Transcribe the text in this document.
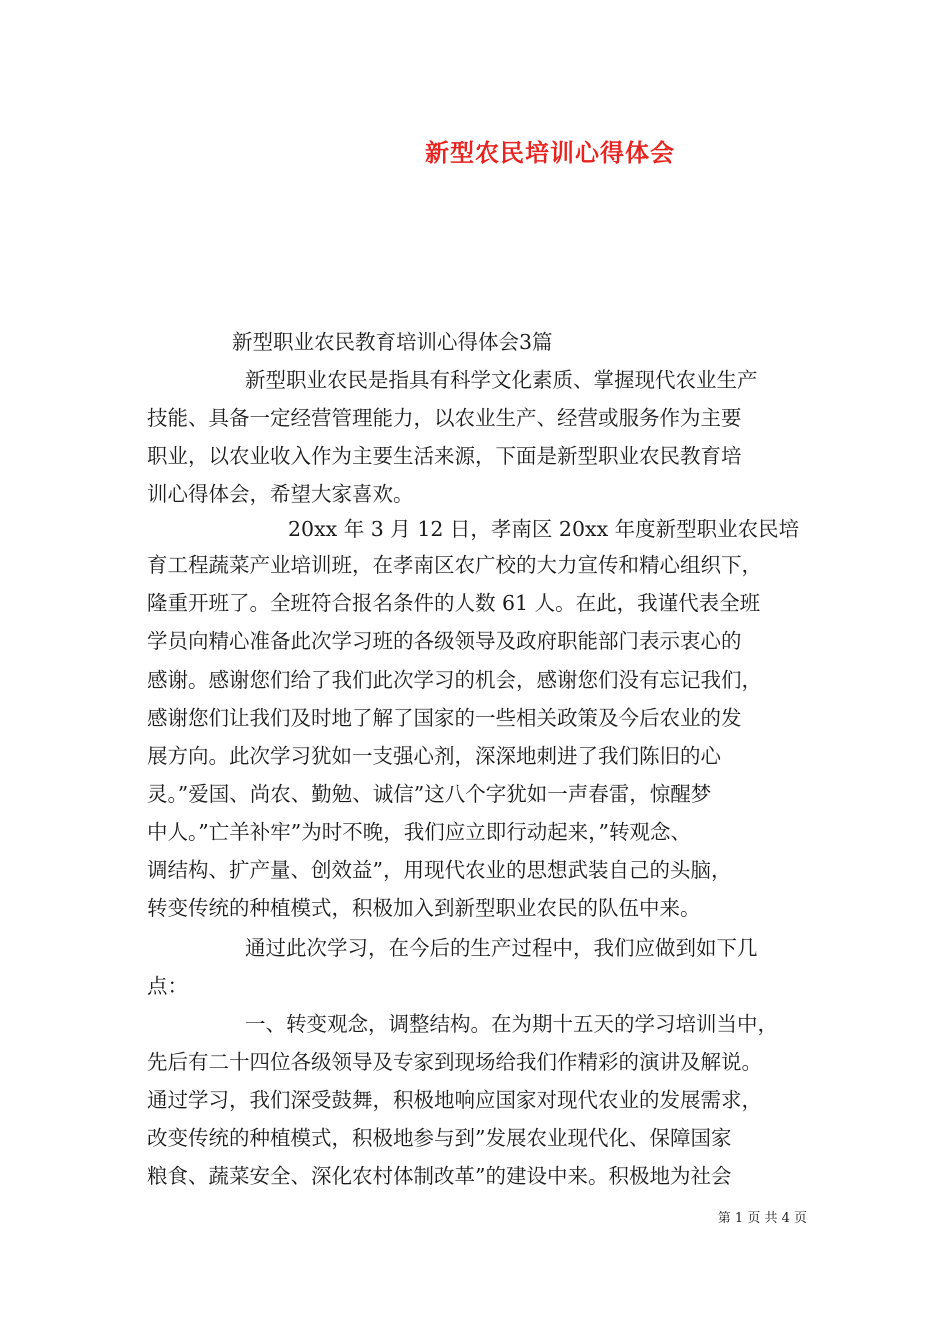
新型农民培训心得体会
新型职业农民教育培训心得体会3篇
新型职业农民是指具有科学文化素质、掌握现代农业生产
技能、具备一定经营管理能力，以农业生产、经营或服务作为主要
职业，以农业收入作为主要生活来源，下面是新型职业农民教育培
训心得体会，希望大家喜欢。
20xx 年 3 月 12 日，孝南区 20xx 年度新型职业农民培
育工程蔬菜产业培训班，在孝南区农广校的大力宣传和精心组织下，
隆重开班了。全班符合报名条件的人数 61 人。在此，我谨代表全班
学员向精心准备此次学习班的各级领导及政府职能部门表示衷心的
感谢。感谢您们给了我们此次学习的机会，感谢您们没有忘记我们，
感谢您们让我们及时地了解了国家的一些相关政策及今后农业的发
展方向。此次学习犹如一支强心剂，深深地刺进了我们陈旧的心
灵。”爱国、尚农、勤勉、诚信”这八个字犹如一声春雷，惊醒梦
中人。”亡羊补牢”为时不晚，我们应立即行动起来，”转观念、
调结构、扩产量、创效益”，用现代农业的思想武装自己的头脑，
转变传统的种植模式，积极加入到新型职业农民的队伍中来。
通过此次学习，在今后的生产过程中，我们应做到如下几
点：
一、转变观念，调整结构。在为期十五天的学习培训当中，
先后有二十四位各级领导及专家到现场给我们作精彩的演讲及解说。
通过学习，我们深受鼓舞，积极地响应国家对现代农业的发展需求，
改变传统的种植模式，积极地参与到”发展农业现代化、保障国家
粮食、蔬菜安全、深化农村体制改革”的建设中来。积极地为社会
第 1 页 共 4 页
